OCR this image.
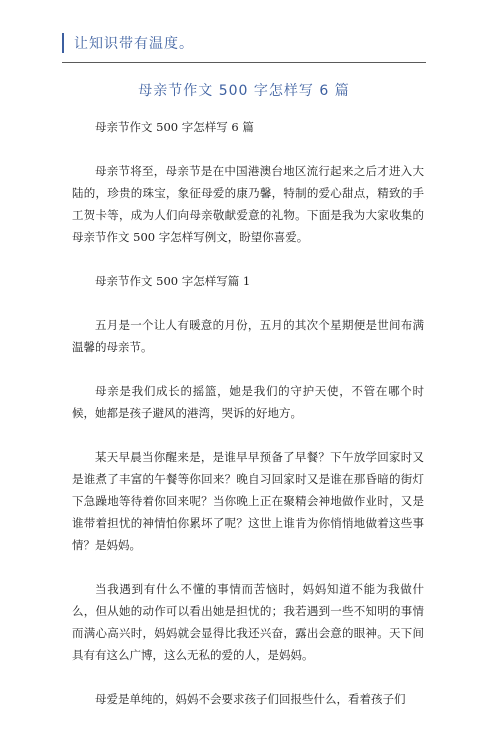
让知识带有温度。
母亲节作文 500 字怎样写 6 篇

母亲节作文 500 字怎样写 6 篇

母亲节将至，母亲节是在中国港澳台地区流行起来之后才进入大陆的，珍贵的珠宝，象征母爱的康乃馨，特制的爱心甜点，精致的手工贺卡等，成为人们向母亲敬献爱意的礼物。下面是我为大家收集的母亲节作文 500 字怎样写例文，盼望你喜爱。

母亲节作文 500 字怎样写篇 1

五月是一个让人有暖意的月份，五月的其次个星期便是世间布满温馨的母亲节。

母亲是我们成长的摇篮，她是我们的守护天使，不管在哪个时候，她都是孩子避风的港湾，哭诉的好地方。

某天早晨当你醒来是，是谁早早预备了早餐？下午放学回家时又是谁煮了丰富的午餐等你回来？晚自习回家时又是谁在那昏暗的街灯下急躁地等待着你回来呢？当你晚上正在聚精会神地做作业时，又是谁带着担忧的神情怕你累坏了呢？这世上谁肯为你悄悄地做着这些事情？是妈妈。

当我遇到有什么不懂的事情而苦恼时，妈妈知道不能为我做什么，但从她的动作可以看出她是担忧的；我若遇到一些不知明的事情而满心高兴时，妈妈就会显得比我还兴奋，露出会意的眼神。天下间具有有这么广博，这么无私的爱的人，是妈妈。

母爱是单纯的，妈妈不会要求孩子们回报些什么，看着孩子们
